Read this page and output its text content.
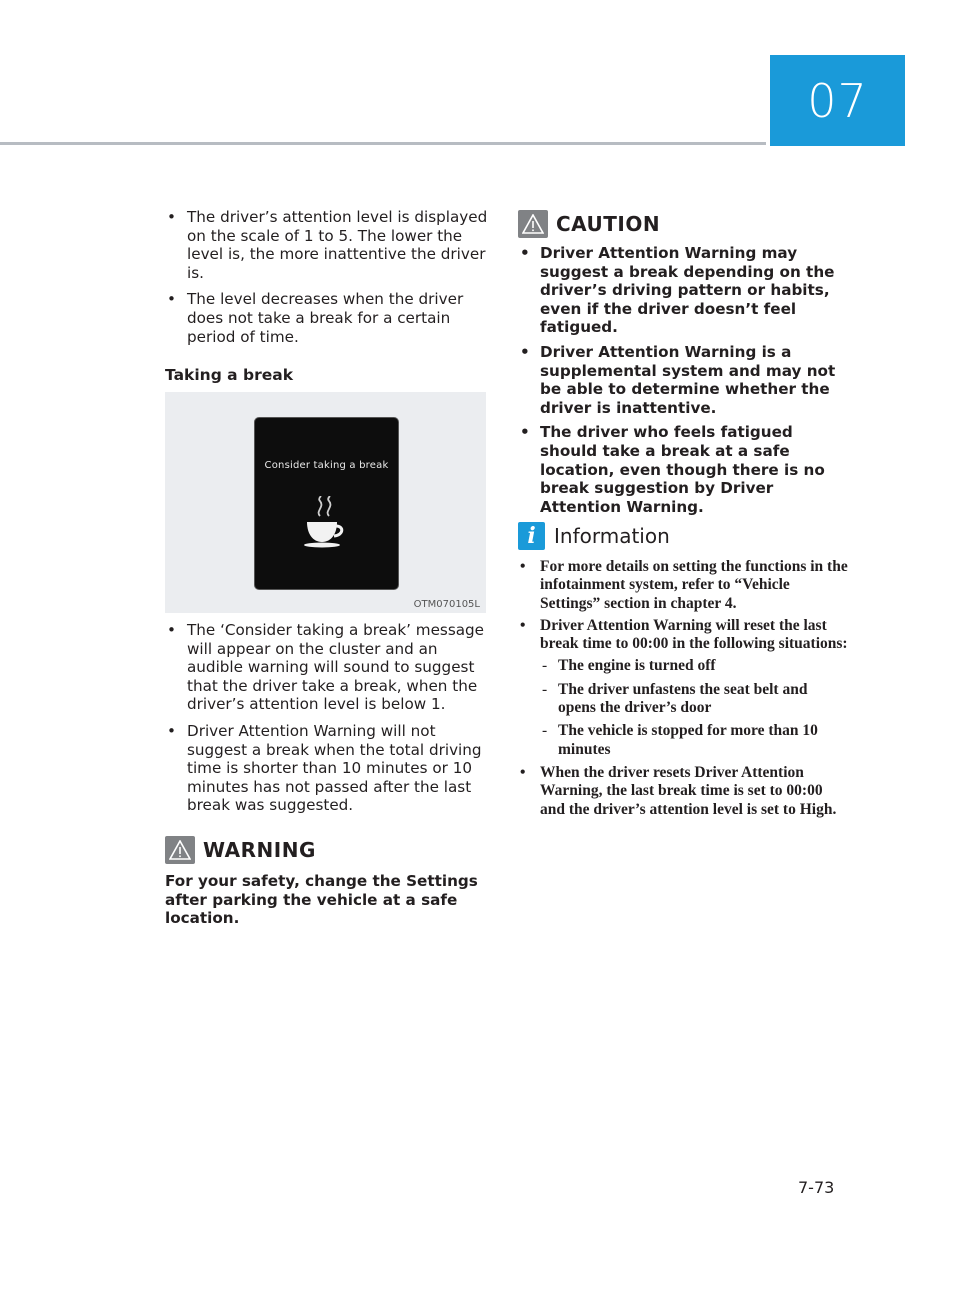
07
• The driver’s attention level is displayed on the scale of 1 to 5. The lower the level is, the more inattentive the driver is.
• The level decreases when the driver does not take a break for a certain period of time.
Taking a break
Consider taking a break
OTM070105L
• The ‘Consider taking a break’ message will appear on the cluster and an audible warning will sound to suggest that the driver take a break, when the driver’s attention level is below 1.
• Driver Attention Warning will not suggest a break when the total driving time is shorter than 10 minutes or 10 minutes has not passed after the last break was suggested.
WARNING
For your safety, change the Settings after parking the vehicle at a safe location.
CAUTION
• Driver Attention Warning may suggest a break depending on the driver’s driving pattern or habits, even if the driver doesn’t feel fatigued.
• Driver Attention Warning is a supplemental system and may not be able to determine whether the driver is inattentive.
• The driver who feels fatigued should take a break at a safe location, even though there is no break suggestion by Driver Attention Warning.
i Information
• For more details on setting the functions in the infotainment system, refer to “Vehicle Settings” section in chapter 4.
• Driver Attention Warning will reset the last break time to 00:00 in the following situations:
- The engine is turned off
- The driver unfastens the seat belt and opens the driver’s door
- The vehicle is stopped for more than 10 minutes
• When the driver resets Driver Attention Warning, the last break time is set to 00:00 and the driver’s attention level is set to High.
7-73
